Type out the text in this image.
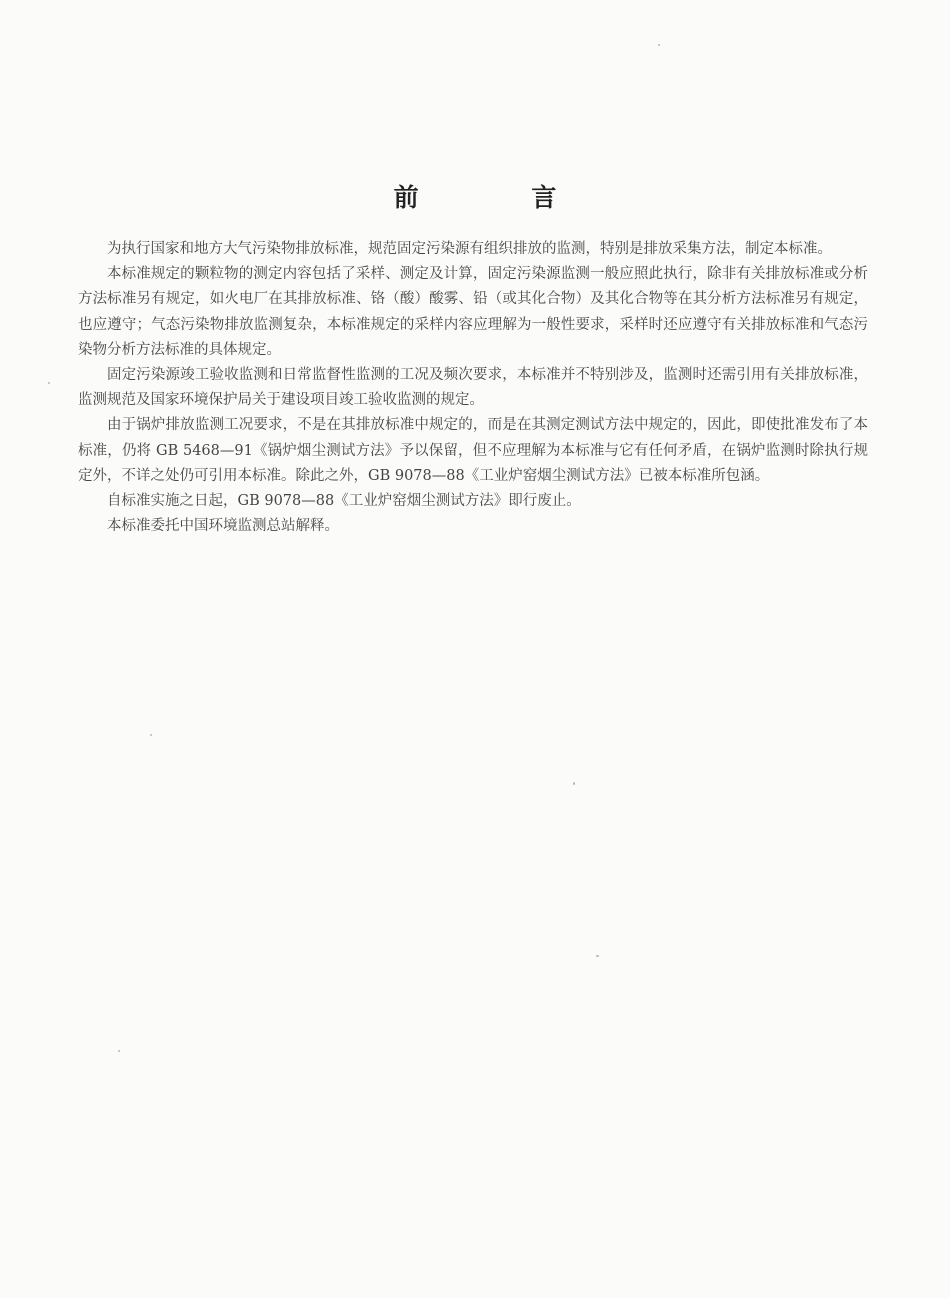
前 言

为执行国家和地方大气污染物排放标准，规范固定污染源有组织排放的监测，特别是排放采集方法，制定本标准。

本标准规定的颗粒物的测定内容包括了采样、测定及计算，固定污染源监测一般应照此执行，除非有关排放标准或分析方法标准另有规定，如火电厂在其排放标准、铬（酸）酸雾、铅（或其化合物）及其化合物等在其分析方法标准另有规定，也应遵守；气态污染物排放监测复杂，本标准规定的采样内容应理解为一般性要求，采样时还应遵守有关排放标准和气态污染物分析方法标准的具体规定。

固定污染源竣工验收监测和日常监督性监测的工况及频次要求，本标准并不特别涉及，监测时还需引用有关排放标准，监测规范及国家环境保护局关于建设项目竣工验收监测的规定。

由于锅炉排放监测工况要求，不是在其排放标准中规定的，而是在其测定测试方法中规定的，因此，即使批准发布了本标准，仍将 GB 5468—91《锅炉烟尘测试方法》予以保留，但不应理解为本标准与它有任何矛盾，在锅炉监测时除执行规定外，不详之处仍可引用本标准。除此之外，GB 9078—88《工业炉窑烟尘测试方法》已被本标准所包涵。

自标准实施之日起，GB 9078—88《工业炉窑烟尘测试方法》即行废止。

本标准委托中国环境监测总站解释。
